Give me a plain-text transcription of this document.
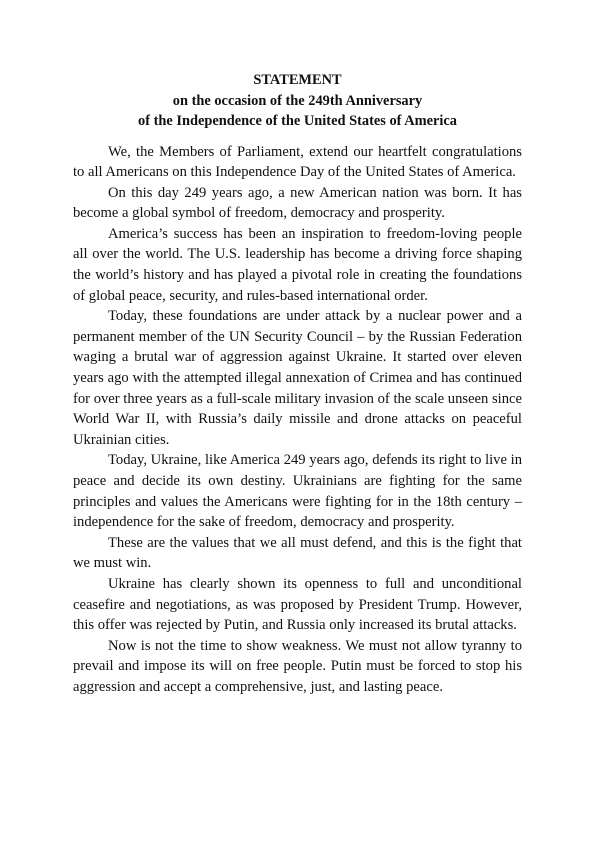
STATEMENT
on the occasion of the 249th Anniversary
of the Independence of the United States of America

We, the Members of Parliament, extend our heartfelt congratulations to all Americans on this Independence Day of the United States of America.

On this day 249 years ago, a new American nation was born. It has become a global symbol of freedom, democracy and prosperity.

America’s success has been an inspiration to freedom-loving people all over the world. The U.S. leadership has become a driving force shaping the world’s history and has played a pivotal role in creating the foundations of global peace, security, and rules-based international order.

Today, these foundations are under attack by a nuclear power and a permanent member of the UN Security Council – by the Russian Federation waging a brutal war of aggression against Ukraine. It started over eleven years ago with the attempted illegal annexation of Crimea and has continued for over three years as a full-scale military invasion of the scale unseen since World War II, with Russia’s daily missile and drone attacks on peaceful Ukrainian cities.

Today, Ukraine, like America 249 years ago, defends its right to live in peace and decide its own destiny. Ukrainians are fighting for the same principles and values the Americans were fighting for in the 18th century – independence for the sake of freedom, democracy and prosperity.

These are the values that we all must defend, and this is the fight that we must win.

Ukraine has clearly shown its openness to full and unconditional ceasefire and negotiations, as was proposed by President Trump. However, this offer was rejected by Putin, and Russia only increased its brutal attacks.

Now is not the time to show weakness. We must not allow tyranny to prevail and impose its will on free people. Putin must be forced to stop his aggression and accept a comprehensive, just, and lasting peace.
